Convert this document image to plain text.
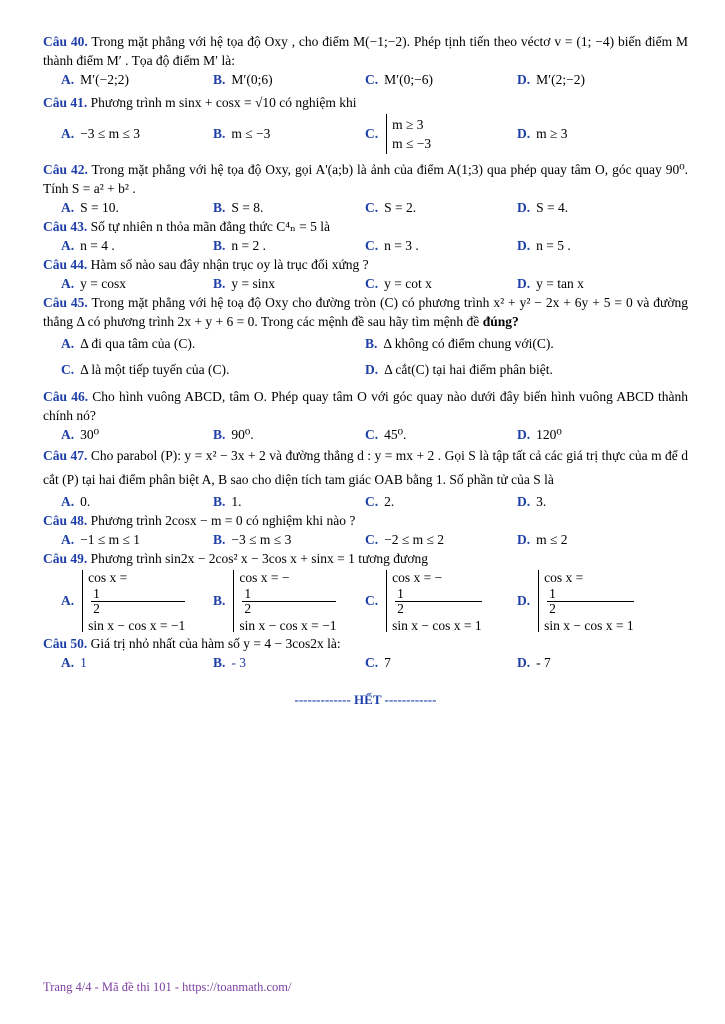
Câu 40. Trong mặt phẳng với hệ tọa độ Oxy , cho điểm M(−1;−2). Phép tịnh tiến theo véctơ v = (1; −4) biến điểm M thành điểm M′ . Tọa độ điểm M′ là:

A. M′(−2;2)	B. M′(0;6)	C. M′(0;−6)	D. M′(2;−2)

Câu 41. Phương trình m sinx + cosx = √10 có nghiệm khi

A. −3 ≤ m ≤ 3	B. m ≤ −3	C.
m ≥ 3
m ≤ −3
D. m ≥ 3

Câu 42. Trong mặt phẳng với hệ tọa độ Oxy, gọi A'(a;b) là ảnh của điểm A(1;3) qua phép quay tâm O, góc quay 90⁰. Tính S = a² + b² .

A. S = 10.	B. S = 8.	C. S = 2.	D. S = 4.

Câu 43. Số tự nhiên n thỏa mãn đẳng thức C⁴ₙ = 5 là

A. n = 4 .	B. n = 2 .	C. n = 3 .	D. n = 5 .

Câu 44. Hàm số nào sau đây nhận trục oy là trục đối xứng ?

A. y = cosx	B. y = sinx	C. y = cot x	D. y = tan x

Câu 45. Trong mặt phẳng với hệ toạ độ Oxy cho đường tròn (C) có phương trình x² + y² − 2x + 6y + 5 = 0 và đường thẳng Δ có phương trình 2x + y + 6 = 0. Trong các mệnh đề sau hãy tìm mệnh đề đúng?

A. Δ đi qua tâm của (C).	B. Δ không có điểm chung với(C).
C. Δ là một tiếp tuyến của (C).	D. Δ cắt(C) tại hai điểm phân biệt.

Câu 46. Cho hình vuông ABCD, tâm O. Phép quay tâm O với góc quay nào dưới đây biến hình vuông ABCD thành chính nó?

A. 30⁰	B. 90⁰.	C. 45⁰.	D. 120⁰

Câu 47. Cho parabol (P): y = x² − 3x + 2 và đường thẳng d : y = mx + 2 . Gọi S là tập tất cả các giá trị thực của m để d cắt (P) tại hai điểm phân biệt A, B sao cho diện tích tam giác OAB bằng 1. Số phần tử của S là

A. 0.	B. 1.	C. 2.	D. 3.

Câu 48. Phương trình 2cosx − m = 0 có nghiệm khi nào ?

A. −1 ≤ m ≤ 1	B. −3 ≤ m ≤ 3	C. −2 ≤ m ≤ 2	D. m ≤ 2

Câu 49. Phương trình sin2x − 2cos² x − 3cos x + sinx = 1 tương đương

A.
cos x =
1
2
sin x − cos x = −1
B.
cos x = −
1
2
sin x − cos x = −1
C.
cos x = −
1
2
sin x − cos x = 1
D.
cos x =
1
2
sin x − cos x = 1

Câu 50. Giá trị nhỏ nhất của hàm số y = 4 − 3cos2x là:

A. 1	B. - 3	C. 7	D. - 7
------------- HẾT ------------
Trang 4/4 - Mã đề thi 101 - https://toanmath.com/
